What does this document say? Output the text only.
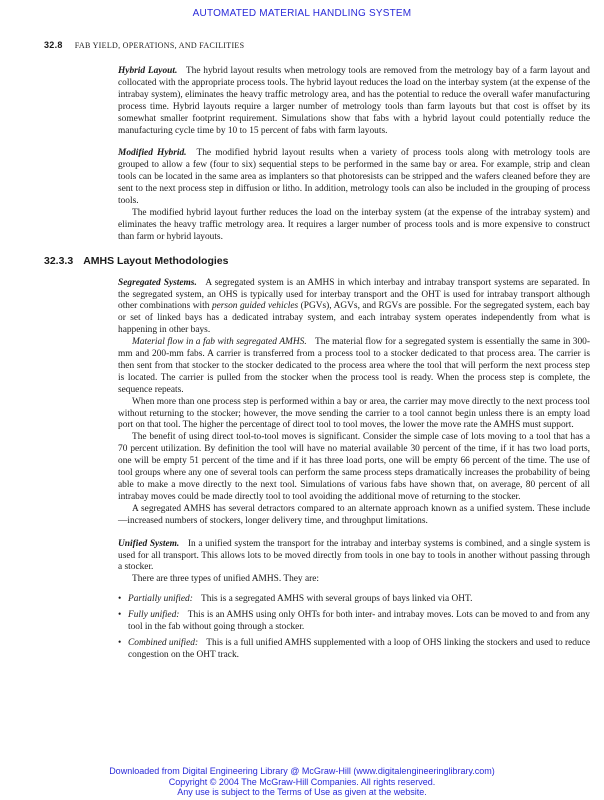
AUTOMATED MATERIAL HANDLING SYSTEM
32.8 FAB YIELD, OPERATIONS, AND FACILITIES

Hybrid Layout. The hybrid layout results when metrology tools are removed from the metrology bay of a farm layout and collocated with the appropriate process tools. The hybrid layout reduces the load on the interbay system (at the expense of the intrabay system), eliminates the heavy traffic metrology area, and has the potential to reduce the overall wafer manufacturing process time. Hybrid layouts require a larger number of metrology tools than farm layouts but that cost is offset by its somewhat smaller footprint requirement. Simulations show that fabs with a hybrid layout could potentially reduce the manufacturing cycle time by 10 to 15 percent of fabs with farm layouts.

Modified Hybrid. The modified hybrid layout results when a variety of process tools along with metrology tools are grouped to allow a few (four to six) sequential steps to be performed in the same bay or area. For example, strip and clean tools can be located in the same area as implanters so that photoresists can be stripped and the wafers cleaned before they are sent to the next process step in diffusion or litho. In addition, metrology tools can also be included in the grouping of process tools.

The modified hybrid layout further reduces the load on the interbay system (at the expense of the intrabay system) and eliminates the heavy traffic metrology area. It requires a larger number of process tools and is more expensive to construct than farm or hybrid layouts.

32.3.3 AMHS Layout Methodologies

Segregated Systems. A segregated system is an AMHS in which interbay and intrabay transport systems are separated. In the segregated system, an OHS is typically used for interbay transport and the OHT is used for intrabay transport although other combinations with person guided vehicles (PGVs), AGVs, and RGVs are possible. For the segregated system, each bay or set of linked bays has a dedicated intrabay system, and each intrabay system operates independently from what is happening in other bays.

Material flow in a fab with segregated AMHS. The material flow for a segregated system is essentially the same in 300-mm and 200-mm fabs. A carrier is transferred from a process tool to a stocker dedicated to that process area. The carrier is then sent from that stocker to the stocker dedicated to the process area where the tool that will perform the next process step is located. The carrier is pulled from the stocker when the process tool is ready. When the process step is complete, the sequence repeats.

When more than one process step is performed within a bay or area, the carrier may move directly to the next process tool without returning to the stocker; however, the move sending the carrier to a tool cannot begin unless there is an empty load port on that tool. The higher the percentage of direct tool to tool moves, the lower the move rate the AMHS must support.

The benefit of using direct tool-to-tool moves is significant. Consider the simple case of lots moving to a tool that has a 70 percent utilization. By definition the tool will have no material available 30 percent of the time, if it has two load ports, one will be empty 51 percent of the time and if it has three load ports, one will be empty 66 percent of the time. The use of tool groups where any one of several tools can perform the same process steps dramatically increases the probability of being able to make a move directly to the next tool. Simulations of various fabs have shown that, on average, 80 percent of all intrabay moves could be made directly tool to tool avoiding the additional move of returning to the stocker.

A segregated AMHS has several detractors compared to an alternate approach known as a unified system. These include—increased numbers of stockers, longer delivery time, and throughput limitations.

Unified System. In a unified system the transport for the intrabay and interbay systems is combined, and a single system is used for all transport. This allows lots to be moved directly from tools in one bay to tools in another without passing through a stocker.

There are three types of unified AMHS. They are:

• Partially unified: This is a segregated AMHS with several groups of bays linked via OHT.
• Fully unified: This is an AMHS using only OHTs for both inter- and intrabay moves. Lots can be moved to and from any tool in the fab without going through a stocker.
• Combined unified: This is a full unified AMHS supplemented with a loop of OHS linking the stockers and used to reduce congestion on the OHT track.
Downloaded from Digital Engineering Library @ McGraw-Hill (www.digitalengineeringlibrary.com)
Copyright © 2004 The McGraw-Hill Companies. All rights reserved.
Any use is subject to the Terms of Use as given at the website.
